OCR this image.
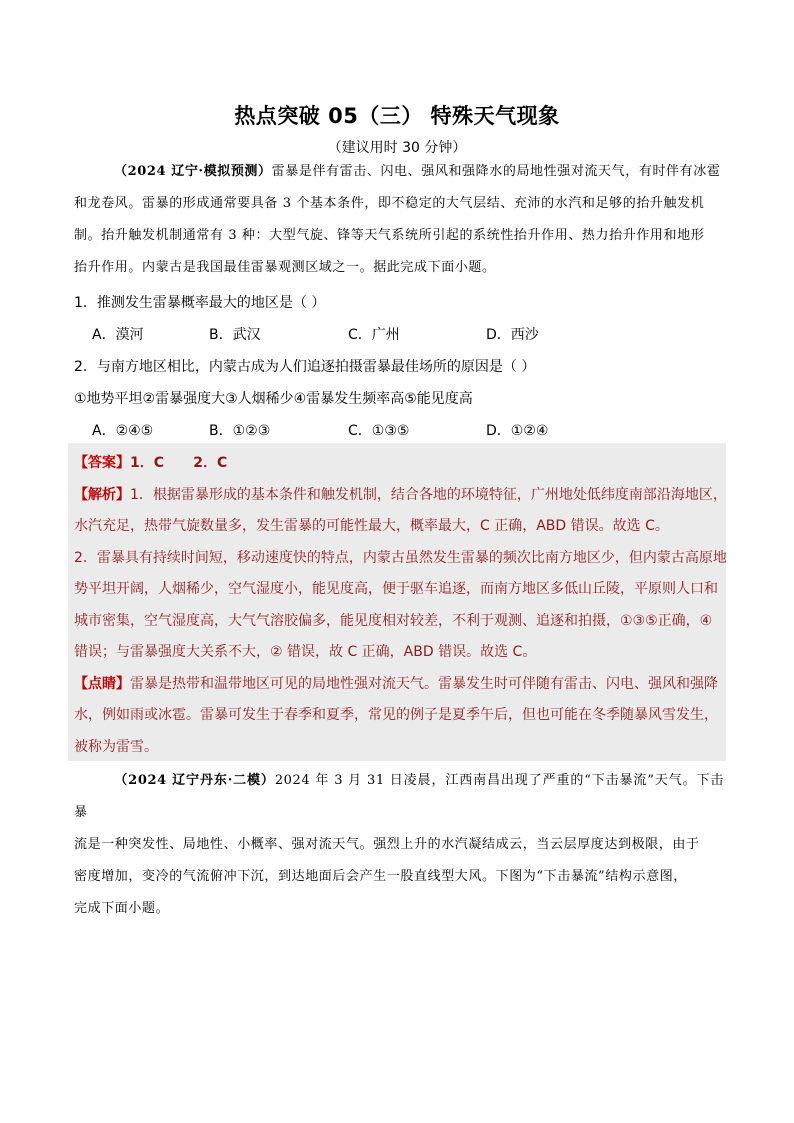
热点突破 05（三） 特殊天气现象
（建议用时 30 分钟）
（2024 辽宁·模拟预测）雷暴是伴有雷击、闪电、强风和强降水的局地性强对流天气，有时伴有冰雹
和龙卷风。雷暴的形成通常要具备 3 个基本条件，即不稳定的大气层结、充沛的水汽和足够的抬升触发机
制。抬升触发机制通常有 3 种：大型气旋、锋等天气系统所引起的系统性抬升作用、热力抬升作用和地形
抬升作用。内蒙古是我国最佳雷暴观测区域之一。据此完成下面小题。
1．推测发生雷暴概率最大的地区是（ ）
A．漠河	B．武汉	C．广州	D．西沙
2．与南方地区相比，内蒙古成为人们追逐拍摄雷暴最佳场所的原因是（ ）
①地势平坦②雷暴强度大③人烟稀少④雷暴发生频率高⑤能见度高
A．②④⑤	B．①②③	C．①③⑤	D．①②④
【答案】1．C      2．C
【解析】1．根据雷暴形成的基本条件和触发机制，结合各地的环境特征，广州地处低纬度南部沿海地区，
水汽充足，热带气旋数量多，发生雷暴的可能性最大，概率最大，C 正确，ABD 错误。故选 C。
2．雷暴具有持续时间短，移动速度快的特点，内蒙古虽然发生雷暴的频次比南方地区少，但内蒙古高原地
势平坦开阔，人烟稀少，空气湿度小，能见度高，便于驱车追逐，而南方地区多低山丘陵，平原则人口和
城市密集，空气湿度高，大气气溶胶偏多，能见度相对较差，不利于观测、追逐和拍摄，①③⑤正确，④
错误；与雷暴强度大关系不大，② 错误，故 C 正确，ABD 错误。故选 C。
【点睛】雷暴是热带和温带地区可见的局地性强对流天气。雷暴发生时可伴随有雷击、闪电、强风和强降
水，例如雨或冰雹。雷暴可发生于春季和夏季，常见的例子是夏季午后，但也可能在冬季随暴风雪发生，
被称为雷雪。
（2024 辽宁丹东·二模）2024 年 3 月 31 日凌晨，江西南昌出现了严重的“下击暴流”天气。下击暴
流是一种突发性、局地性、小概率、强对流天气。强烈上升的水汽凝结成云，当云层厚度达到极限，由于
密度增加，变冷的气流俯冲下沉，到达地面后会产生一股直线型大风。下图为“下击暴流”结构示意图，
完成下面小题。
